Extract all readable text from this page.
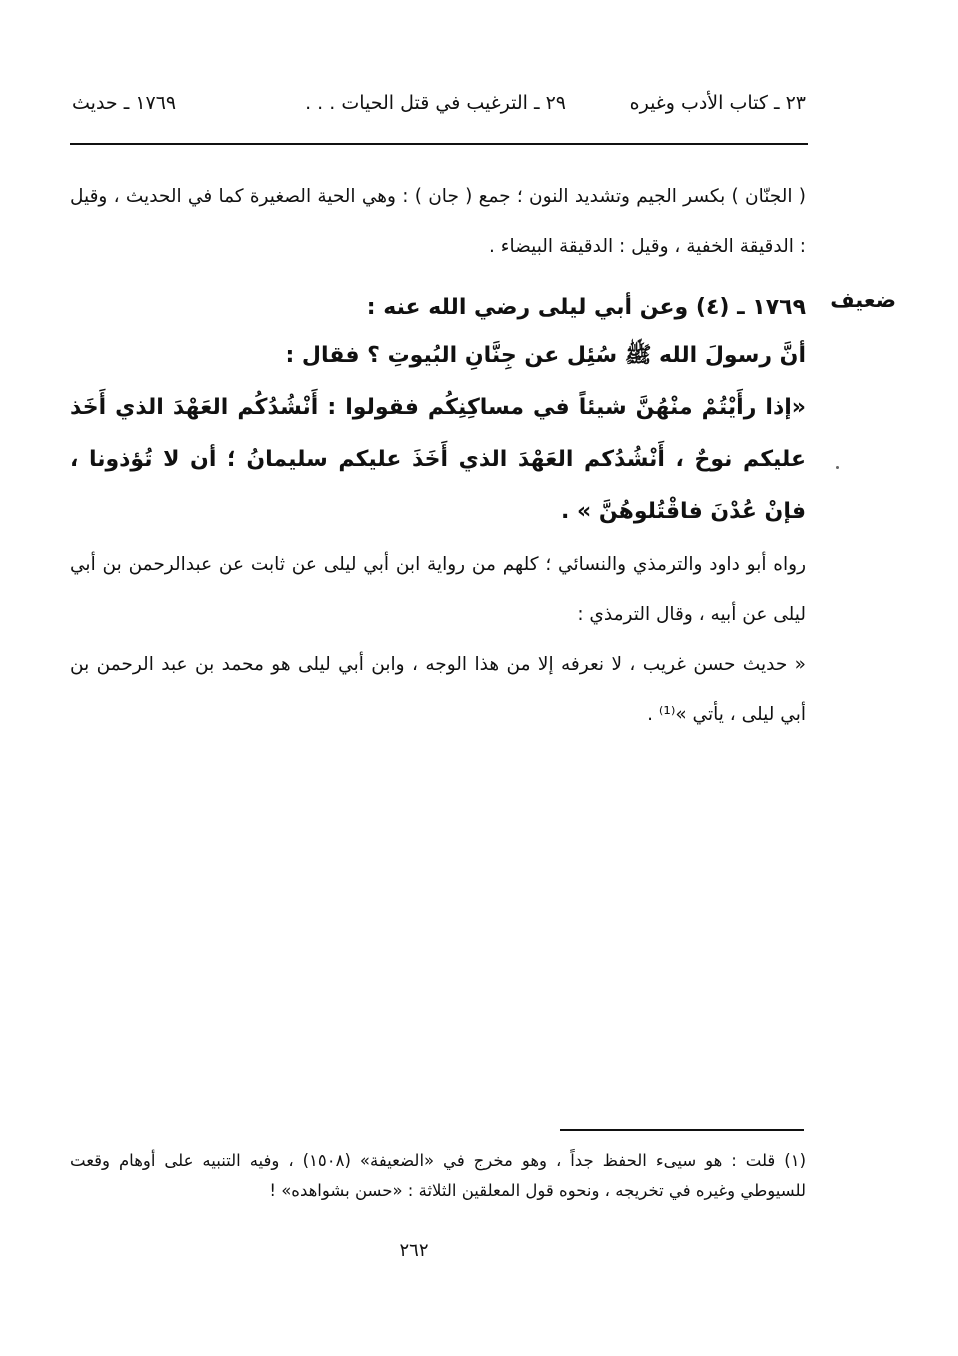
٢٣ ـ كتاب الأدب وغيره
٢٩ ـ الترغيب في قتل الحيات . . .
١٧٦٩ ـ حديث
( الجنّان ) بكسر الجيم وتشديد النون ؛ جمع ( جان ) : وهي الحية الصغيرة كما في الحديث ، وقيل : الدقيقة الخفية ، وقيل : الدقيقة البيضاء .
ضعيف
١٧٦٩ ـ (٤) وعن أبي ليلى رضي الله عنه :
أنَّ رسولَ الله ﷺ سُئِل عن جِنَّانِ البُيوتِ ؟ فقال :
«إذا رأَيْتُمْ منْهُنَّ شيئاً في مساكِنِكُم فقولوا : أَنْشُدُكُم العَهْدَ الذي أَخَذ عليكم نوحٌ ، أَنْشُدُكم العَهْدَ الذي أَخَذَ عليكم سليمانُ ؛ أن لا تُؤذونا ، فإنْ عُدْنَ فاقْتُلوهُنَّ » .
رواه أبو داود والترمذي والنسائي ؛ كلهم من رواية ابن أبي ليلى عن ثابت عن عبدالرحمن بن أبي ليلى عن أبيه ، وقال الترمذي :
« حديث حسن غريب ، لا نعرفه إلا من هذا الوجه ، وابن أبي ليلى هو محمد بن عبد الرحمن بن أبي ليلى ، يأتي »⁽¹⁾ .
(١) قلت : هو سيىء الحفظ جداً ، وهو مخرج في «الضعيفة» (١٥٠٨) ، وفيه التنبيه على أوهام وقعت للسيوطي وغيره في تخريجه ، ونحوه قول المعلقين الثلاثة : «حسن بشواهده» !
٢٦٢
